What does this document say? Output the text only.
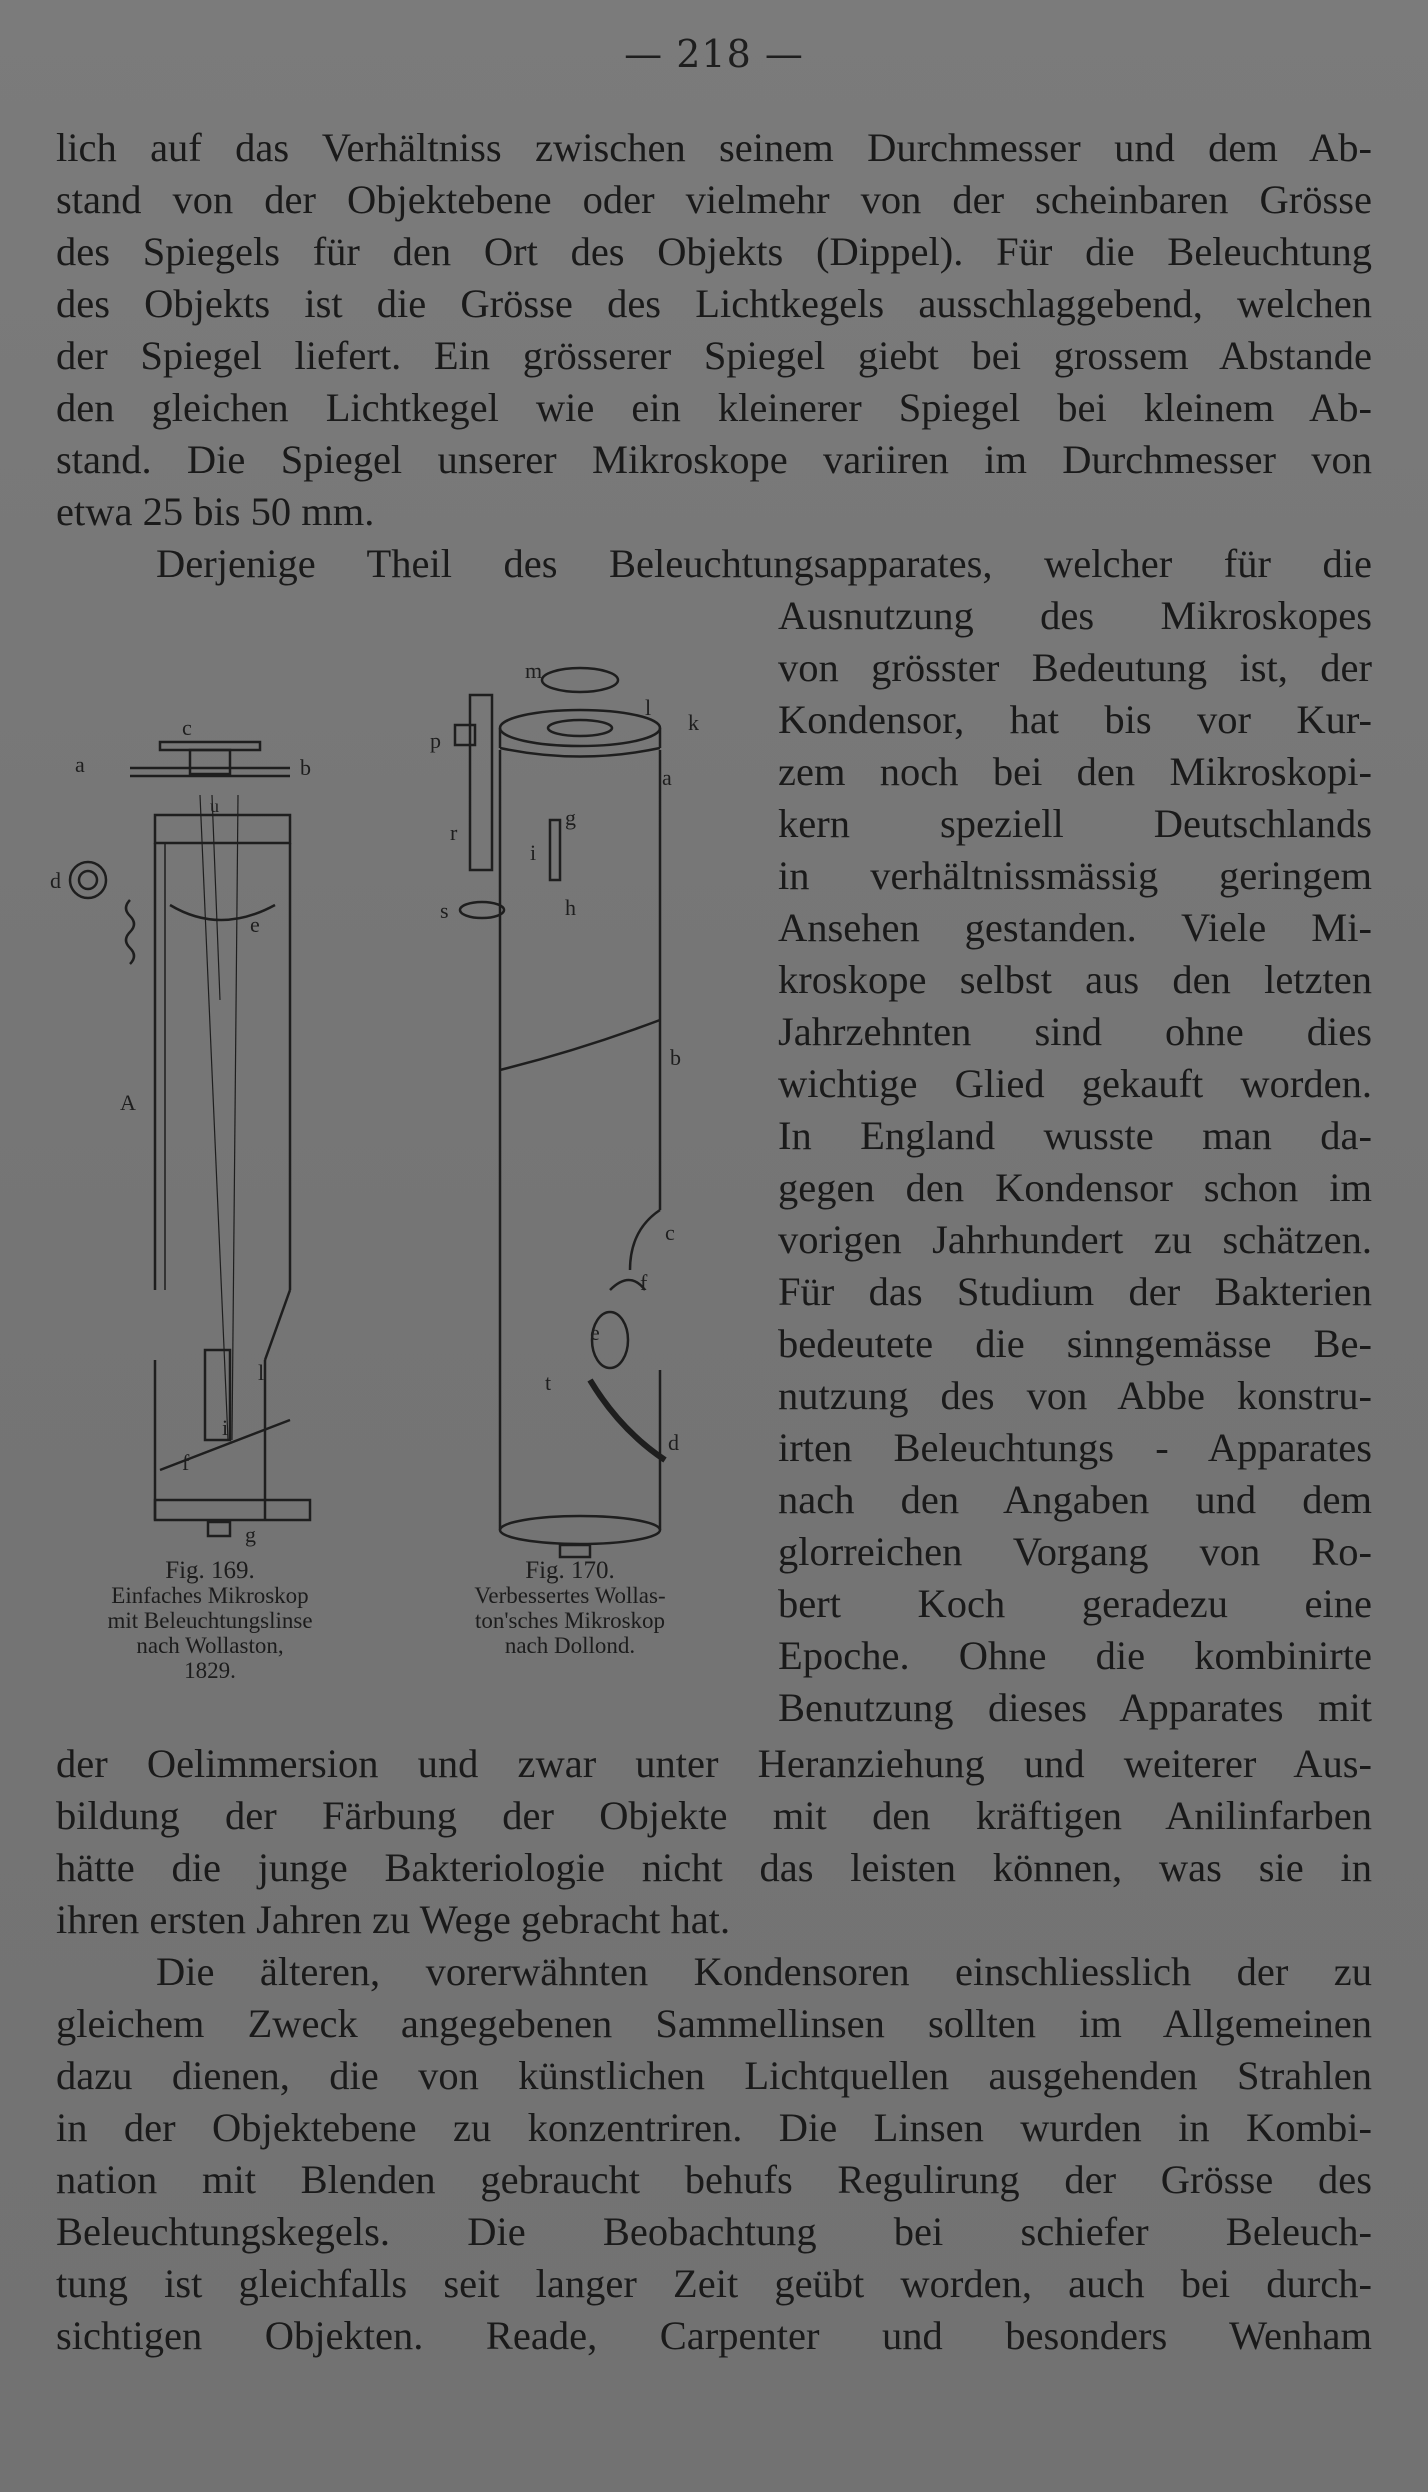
— 218 —
lich auf das Verhältniss zwischen seinem Durchmesser und dem Ab-
stand von der Objektebene oder vielmehr von der scheinbaren Grösse
des Spiegels für den Ort des Objekts (Dippel). Für die Beleuchtung
des Objekts ist die Grösse des Lichtkegels ausschlaggebend, welchen
der Spiegel liefert. Ein grösserer Spiegel giebt bei grossem Abstande
den gleichen Lichtkegel wie ein kleinerer Spiegel bei kleinem Ab-
stand. Die Spiegel unserer Mikroskope variiren im Durchmesser von
etwa 25 bis 50 mm.
Derjenige Theil des Beleuchtungsapparates, welcher für die
Ausnutzung des Mikroskopes
von grösster Bedeutung ist, der
Kondensor, hat bis vor Kur-
zem noch bei den Mikroskopi-
kern speziell Deutschlands
in verhältnissmässig geringem
Ansehen gestanden. Viele Mi-
kroskope selbst aus den letzten
Jahrzehnten sind ohne dies
wichtige Glied gekauft worden.
In England wusste man da-
gegen den Kondensor schon im
vorigen Jahrhundert zu schätzen.
Für das Studium der Bakterien
bedeutete die sinngemässe Be-
nutzung des von Abbe konstru-
irten Beleuchtungs - Apparates
nach den Angaben und dem
glorreichen Vorgang von Ro-
bert Koch geradezu eine
Epoche. Ohne die kombinirte
Benutzung dieses Apparates mit
a	b
c
d
e
u
A
l
i
f
g
m
l
k
p
a
r
g
i
h
s
b
c
f
e
t
d
Fig. 169.
Einfaches Mikroskop
mit Beleuchtungslinse
nach Wollaston,
1829.
Fig. 170.
Verbessertes Wollas-
ton'sches Mikroskop
nach Dollond.
der Oelimmersion und zwar unter Heranziehung und weiterer Aus-
bildung der Färbung der Objekte mit den kräftigen Anilinfarben
hätte die junge Bakteriologie nicht das leisten können, was sie in
ihren ersten Jahren zu Wege gebracht hat.
Die älteren, vorerwähnten Kondensoren einschliesslich der zu
gleichem Zweck angegebenen Sammellinsen sollten im Allgemeinen
dazu dienen, die von künstlichen Lichtquellen ausgehenden Strahlen
in der Objektebene zu konzentriren. Die Linsen wurden in Kombi-
nation mit Blenden gebraucht behufs Regulirung der Grösse des
Beleuchtungskegels. Die Beobachtung bei schiefer Beleuch-
tung ist gleichfalls seit langer Zeit geübt worden, auch bei durch-
sichtigen Objekten. Reade, Carpenter und besonders Wenham
